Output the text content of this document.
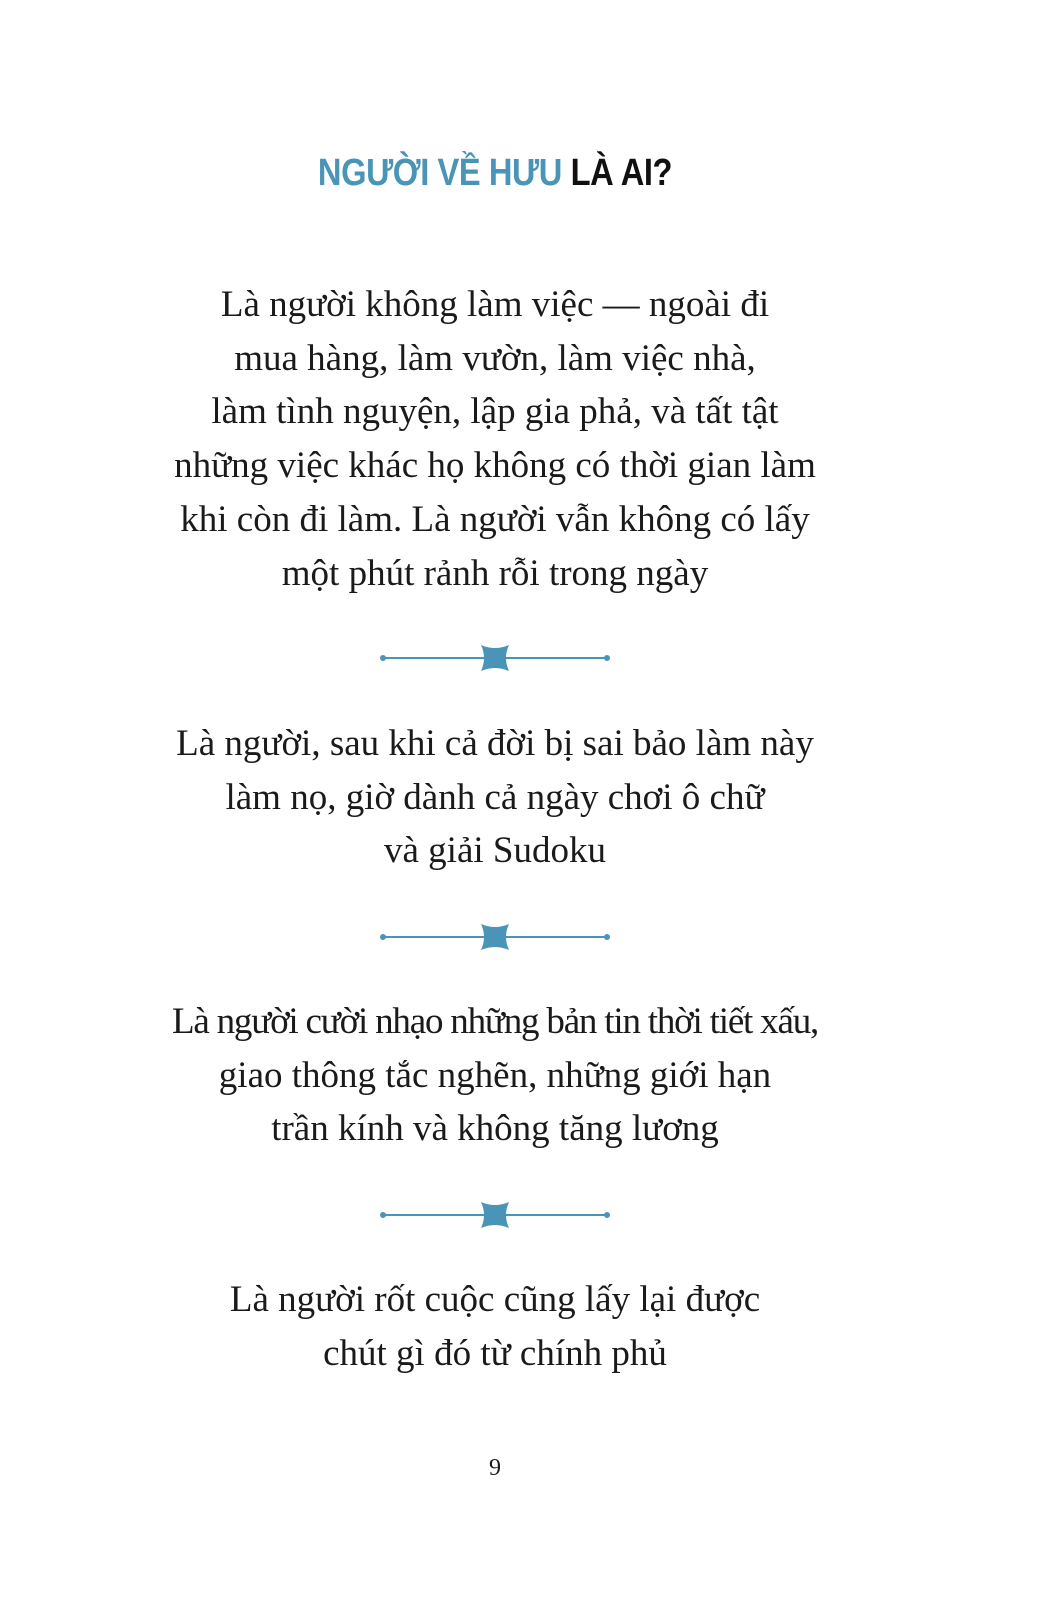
NGƯỜI VỀ HƯU LÀ AI?
Là người không làm việc — ngoài đi
mua hàng, làm vườn, làm việc nhà,
làm tình nguyện, lập gia phả, và tất tật
những việc khác họ không có thời gian làm
khi còn đi làm. Là người vẫn không có lấy
một phút rảnh rỗi trong ngày
Là người, sau khi cả đời bị sai bảo làm này
làm nọ, giờ dành cả ngày chơi ô chữ
và giải Sudoku
Là người cười nhạo những bản tin thời tiết xấu,
giao thông tắc nghẽn, những giới hạn
trần kính và không tăng lương
Là người rốt cuộc cũng lấy lại được
chút gì đó từ chính phủ
9
